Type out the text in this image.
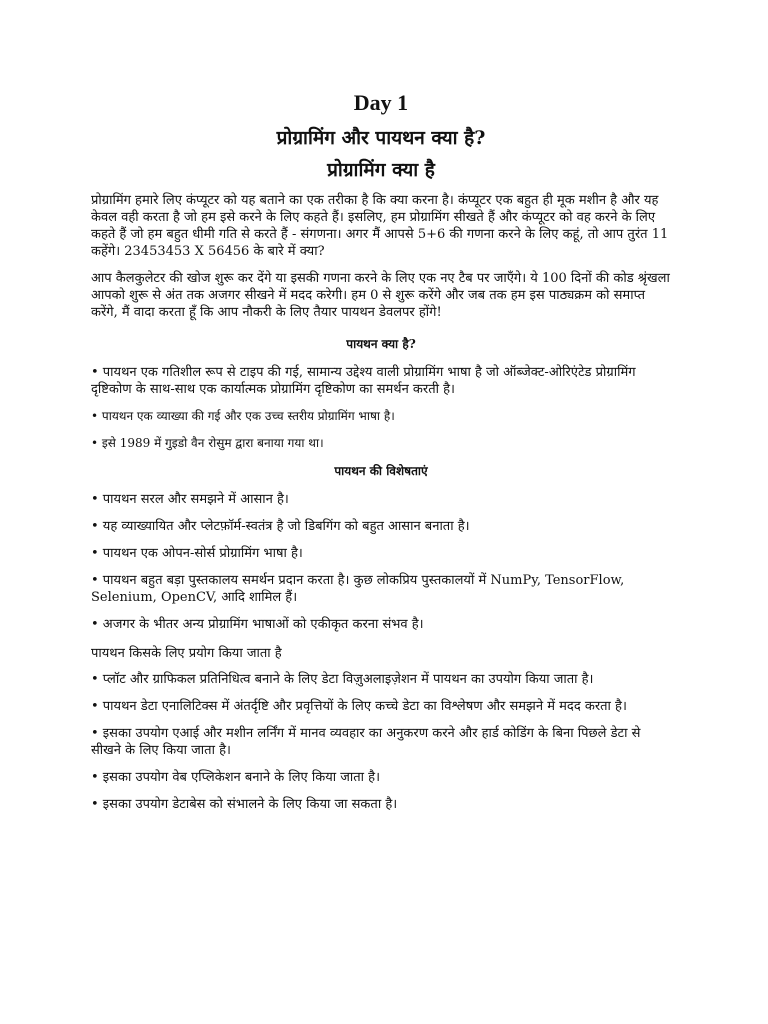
Day 1
प्रोग्रामिंग और पायथन क्या है?
प्रोग्रामिंग क्या है

प्रोग्रामिंग हमारे लिए कंप्यूटर को यह बताने का एक तरीका है कि क्या करना है। कंप्यूटर एक बहुत ही मूक मशीन है और यह केवल वही करता है जो हम इसे करने के लिए कहते हैं। इसलिए, हम प्रोग्रामिंग सीखते हैं और कंप्यूटर को वह करने के लिए कहते हैं जो हम बहुत धीमी गति से करते हैं - संगणना। अगर मैं आपसे 5+6 की गणना करने के लिए कहूं, तो आप तुरंत 11 कहेंगे। 23453453 X 56456 के बारे में क्या?

आप कैलकुलेटर की खोज शुरू कर देंगे या इसकी गणना करने के लिए एक नए टैब पर जाएँगे। ये 100 दिनों की कोड श्रृंखला आपको शुरू से अंत तक अजगर सीखने में मदद करेगी। हम 0 से शुरू करेंगे और जब तक हम इस पाठ्यक्रम को समाप्त करेंगे, मैं वादा करता हूँ कि आप नौकरी के लिए तैयार पायथन डेवलपर होंगे!

पायथन क्या है?

• पायथन एक गतिशील रूप से टाइप की गई, सामान्य उद्देश्य वाली प्रोग्रामिंग भाषा है जो ऑब्जेक्ट-ओरिएंटेड प्रोग्रामिंग दृष्टिकोण के साथ-साथ एक कार्यात्मक प्रोग्रामिंग दृष्टिकोण का समर्थन करती है।

• पायथन एक व्याख्या की गई और एक उच्च स्तरीय प्रोग्रामिंग भाषा है।

• इसे 1989 में गुइडो वैन रोसुम द्वारा बनाया गया था।

पायथन की विशेषताएं

• पायथन सरल और समझने में आसान है।

• यह व्याख्यायित और प्लेटफ़ॉर्म-स्वतंत्र है जो डिबगिंग को बहुत आसान बनाता है।

• पायथन एक ओपन-सोर्स प्रोग्रामिंग भाषा है।

• पायथन बहुत बड़ा पुस्तकालय समर्थन प्रदान करता है। कुछ लोकप्रिय पुस्तकालयों में NumPy, TensorFlow, Selenium, OpenCV, आदि शामिल हैं।

• अजगर के भीतर अन्य प्रोग्रामिंग भाषाओं को एकीकृत करना संभव है।

पायथन किसके लिए प्रयोग किया जाता है

• प्लॉट और ग्राफिकल प्रतिनिधित्व बनाने के लिए डेटा विज़ुअलाइज़ेशन में पायथन का उपयोग किया जाता है।

• पायथन डेटा एनालिटिक्स में अंतर्दृष्टि और प्रवृत्तियों के लिए कच्चे डेटा का विश्लेषण और समझने में मदद करता है।

• इसका उपयोग एआई और मशीन लर्निंग में मानव व्यवहार का अनुकरण करने और हार्ड कोडिंग के बिना पिछले डेटा से सीखने के लिए किया जाता है।

• इसका उपयोग वेब एप्लिकेशन बनाने के लिए किया जाता है।

• इसका उपयोग डेटाबेस को संभालने के लिए किया जा सकता है।
